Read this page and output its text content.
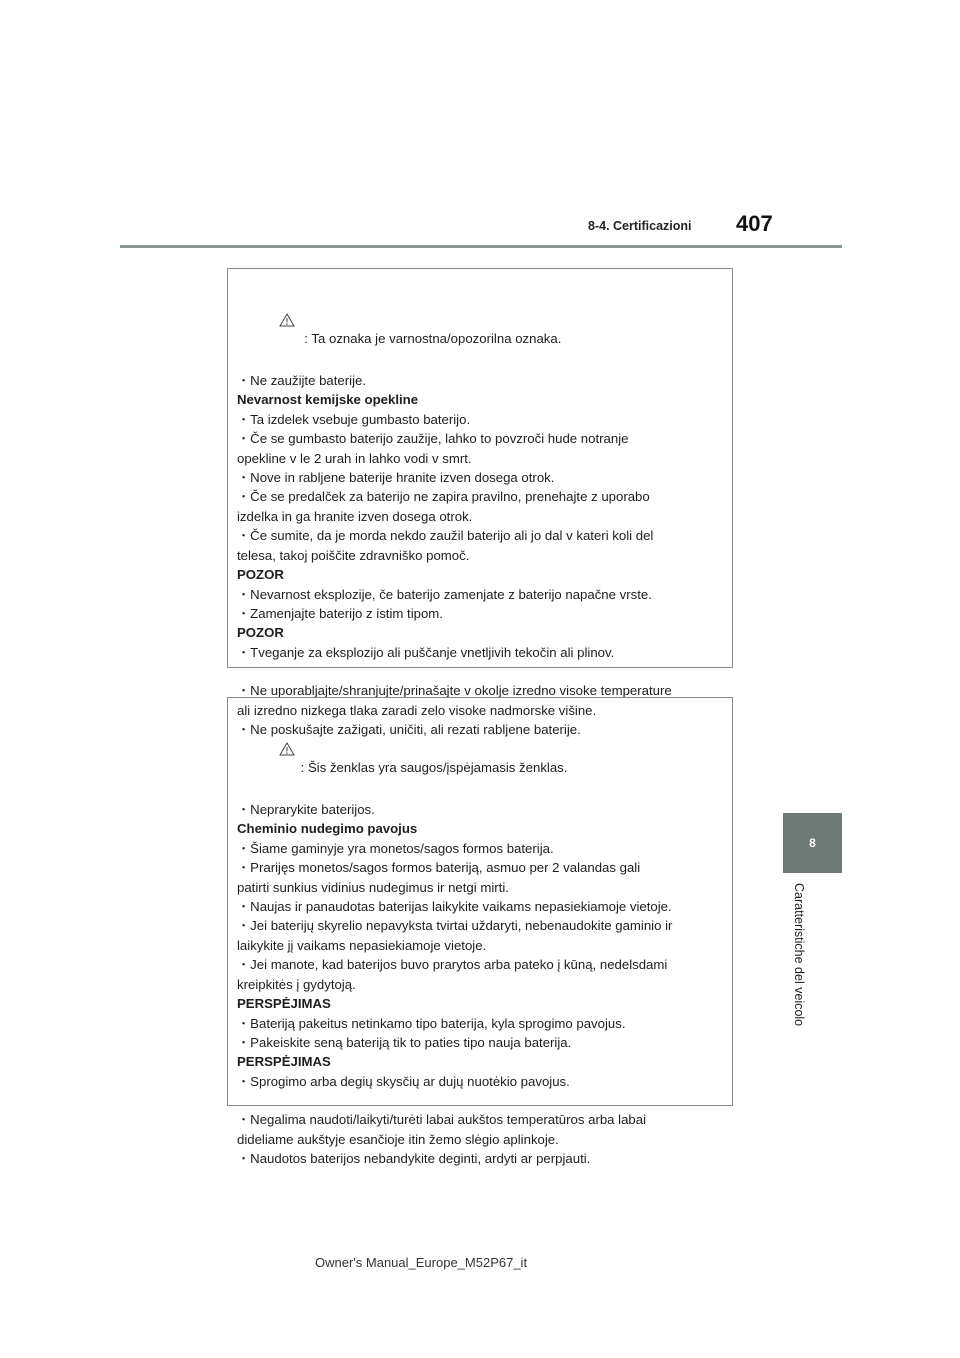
8-4. Certificazioni 407
8
Caratteristiche del veicolo

: Ta oznaka je varnostna/opozorilna oznaka.

・Ne zaužijte baterije.
Nevarnost kemijske opekline
・Ta izdelek vsebuje gumbasto baterijo.
・Če se gumbasto baterijo zaužije, lahko to povzroči hude notranje
opekline v le 2 urah in lahko vodi v smrt.
・Nove in rabljene baterije hranite izven dosega otrok.
・Če se predalček za baterijo ne zapira pravilno, prenehajte z uporabo
izdelka in ga hranite izven dosega otrok.
・Če sumite, da je morda nekdo zaužil baterijo ali jo dal v kateri koli del
telesa, takoj poiščite zdravniško pomoč.
POZOR
・Nevarnost eksplozije, če baterijo zamenjate z baterijo napačne vrste.
・Zamenjajte baterijo z istim tipom.
POZOR
・Tveganje za eksplozijo ali puščanje vnetljivih tekočin ali plinov.
・Ne uporabljajte/shranjujte/prinašajte v okolje izredno visoke temperature
ali izredno nizkega tlaka zaradi zelo visoke nadmorske višine.
・Ne poskušajte zažigati, uničiti, ali rezati rabljene baterije.

: Šis ženklas yra saugos/įspėjamasis ženklas.

・Neprarykite baterijos.
Cheminio nudegimo pavojus
・Šiame gaminyje yra monetos/sagos formos baterija.
・Prarijęs monetos/sagos formos bateriją, asmuo per 2 valandas gali
patirti sunkius vidinius nudegimus ir netgi mirti.
・Naujas ir panaudotas baterijas laikykite vaikams nepasiekiamoje vietoje.
・Jei baterijų skyrelio nepavyksta tvirtai uždaryti, nebenaudokite gaminio ir
laikykite jį vaikams nepasiekiamoje vietoje.
・Jei manote, kad baterijos buvo prarytos arba pateko į kūną, nedelsdami
kreipkitės į gydytoją.
PERSPĖJIMAS
・Bateriją pakeitus netinkamo tipo baterija, kyla sprogimo pavojus.
・Pakeiskite seną bateriją tik to paties tipo nauja baterija.
PERSPĖJIMAS
・Sprogimo arba degių skysčių ar dujų nuotėkio pavojus.
・Negalima naudoti/laikyti/turėti labai aukštos temperatūros arba labai
dideliame aukštyje esančioje itin žemo slėgio aplinkoje.
・Naudotos baterijos nebandykite deginti, ardyti ar perpjauti.
Owner's Manual_Europe_M52P67_it
